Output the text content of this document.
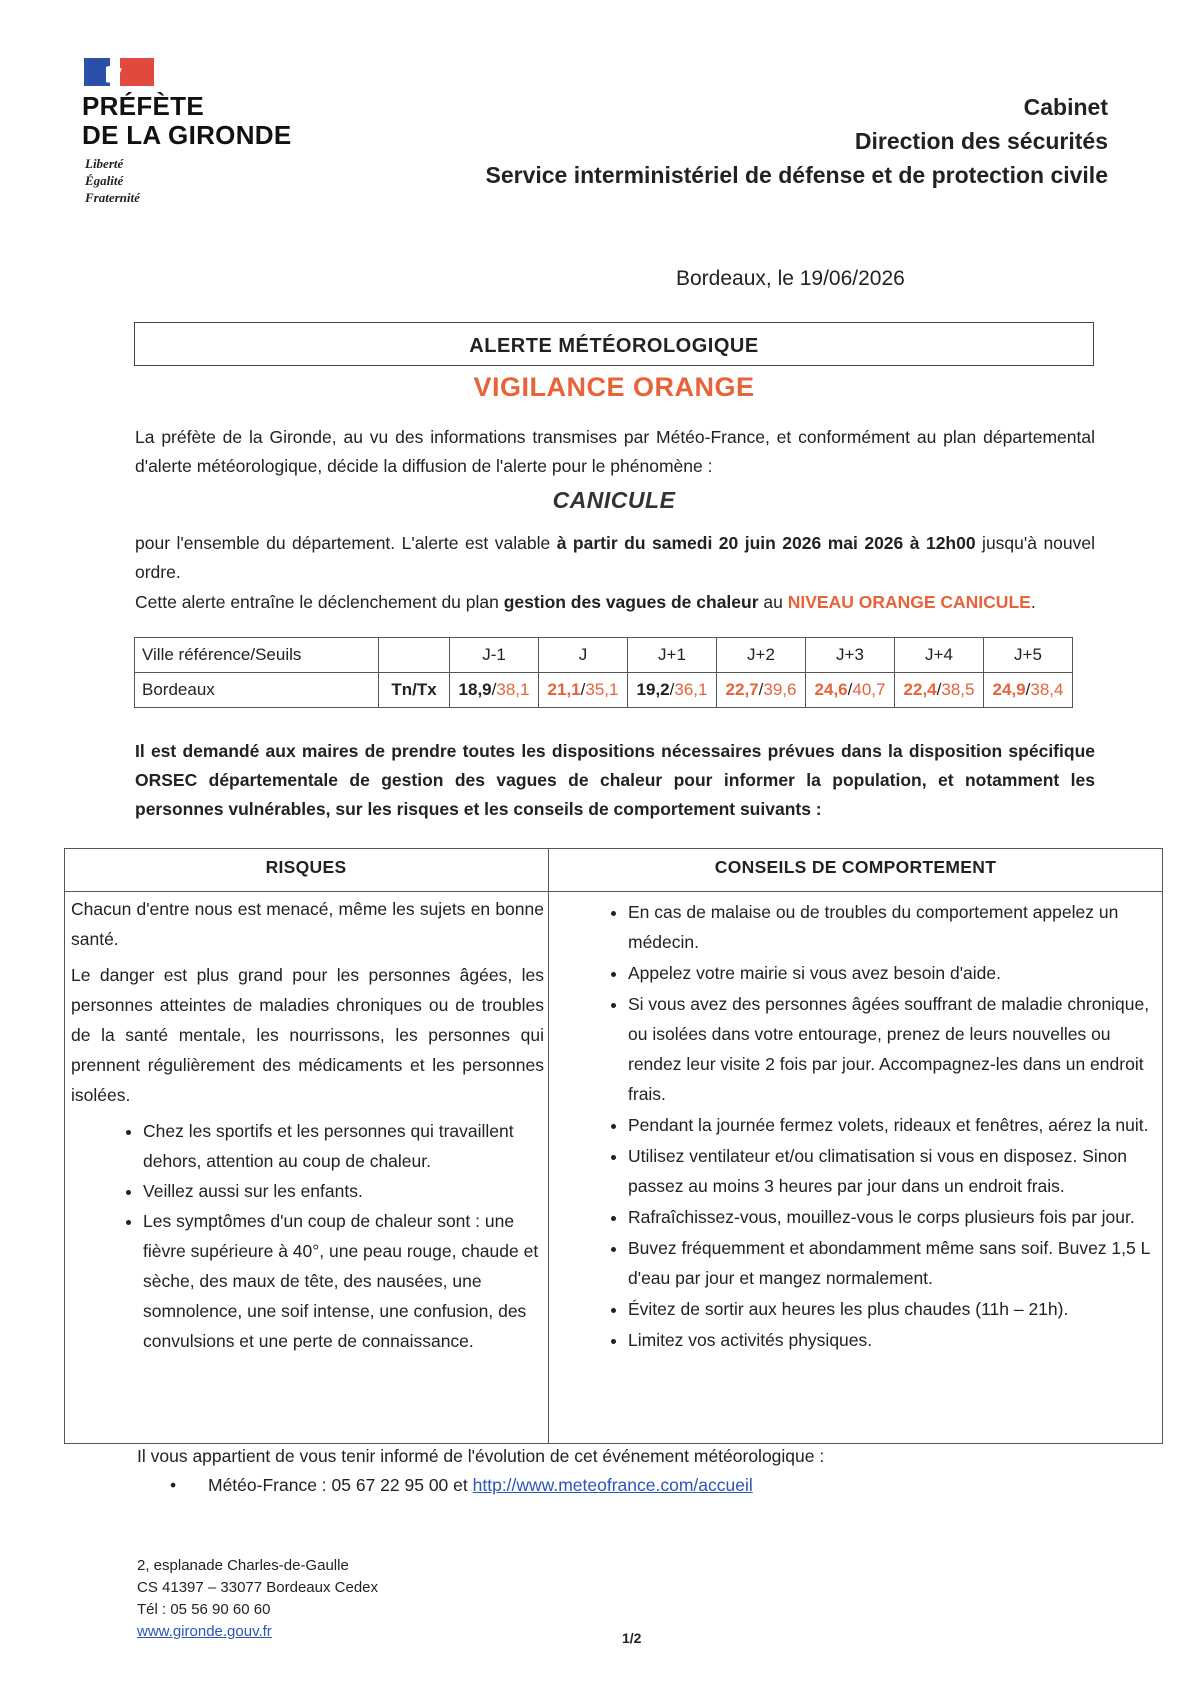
PRÉFÈTE
DE LA GIRONDE
Liberté
Égalité
Fraternité
Cabinet
Direction des sécurités
Service interministériel de défense et de protection civile
Bordeaux, le 19/06/2026
ALERTE MÉTÉOROLOGIQUE
VIGILANCE ORANGE
La préfète de la Gironde, au vu des informations transmises par Météo-France, et conformément au plan départemental d'alerte météorologique, décide la diffusion de l'alerte pour le phénomène :
CANICULE
pour l'ensemble du département. L'alerte est valable à partir du samedi 20 juin 2026 mai 2026 à 12h00 jusqu'à nouvel ordre.
Cette alerte entraîne le déclenchement du plan gestion des vagues de chaleur au NIVEAU ORANGE CANICULE.
Ville référence/Seuils		J-1	J	J+1	J+2	J+3	J+4	J+5
Bordeaux	Tn/Tx	18,9/38,1	21,1/35,1	19,2/36,1	22,7/39,6	24,6/40,7	22,4/38,5	24,9/38,4
Il est demandé aux maires de prendre toutes les dispositions nécessaires prévues dans la disposition spécifique ORSEC départementale de gestion des vagues de chaleur pour informer la population, et notamment les personnes vulnérables, sur les risques et les conseils de comportement suivants :
RISQUES	CONSEILS DE COMPORTEMENT

Chacun d'entre nous est menacé, même les sujets en bonne santé.

Le danger est plus grand pour les personnes âgées, les personnes atteintes de maladies chroniques ou de troubles de la santé mentale, les nourrissons, les personnes qui prennent régulièrement des médicaments et les personnes isolées.

• Chez les sportifs et les personnes qui travaillent dehors, attention au coup de chaleur.
• Veillez aussi sur les enfants.
• Les symptômes d'un coup de chaleur sont : une fièvre supérieure à 40°, une peau rouge, chaude et sèche, des maux de tête, des nausées, une somnolence, une soif intense, une confusion, des convulsions et une perte de connaissance.
• En cas de malaise ou de troubles du comportement appelez un médecin.
• Appelez votre mairie si vous avez besoin d'aide.
• Si vous avez des personnes âgées souffrant de maladie chronique, ou isolées dans votre entourage, prenez de leurs nouvelles ou rendez leur visite 2 fois par jour. Accompagnez-les dans un endroit frais.
• Pendant la journée fermez volets, rideaux et fenêtres, aérez la nuit.
• Utilisez ventilateur et/ou climatisation si vous en disposez. Sinon passez au moins 3 heures par jour dans un endroit frais.
• Rafraîchissez-vous, mouillez-vous le corps plusieurs fois par jour.
• Buvez fréquemment et abondamment même sans soif. Buvez 1,5 L d'eau par jour et mangez normalement.
• Évitez de sortir aux heures les plus chaudes (11h – 21h).
• Limitez vos activités physiques.
Il vous appartient de vous tenir informé de l'évolution de cet événement météorologique :
• Météo-France : 05 67 22 95 00 et http://www.meteofrance.com/accueil
2, esplanade Charles-de-Gaulle
CS 41397 – 33077 Bordeaux Cedex
Tél : 05 56 90 60 60
www.gironde.gouv.fr	1/2
